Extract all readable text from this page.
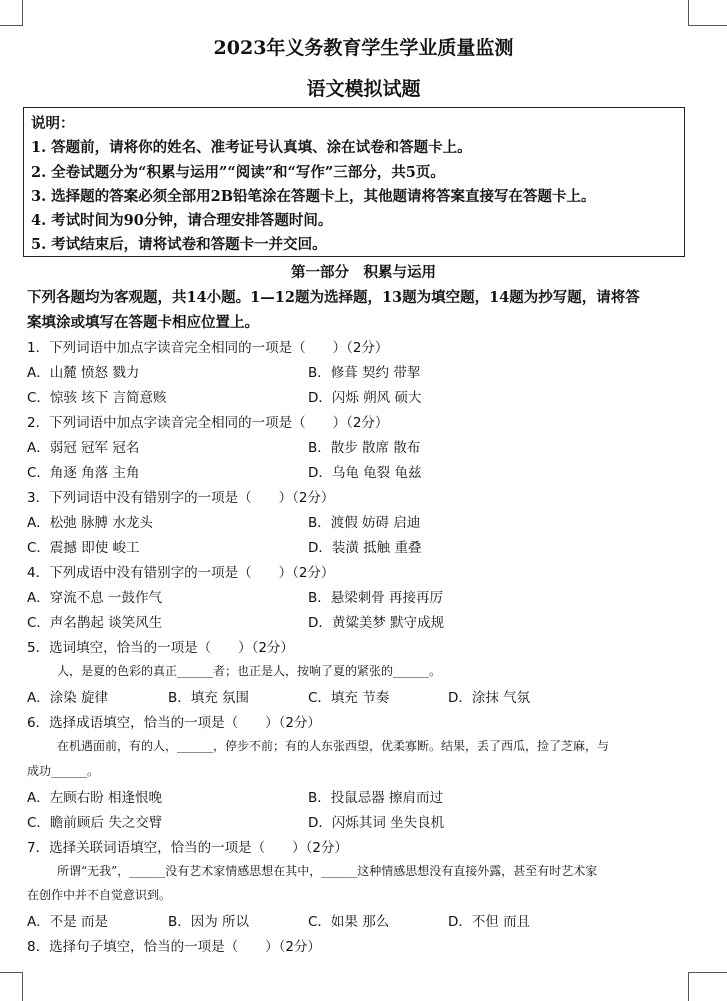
2023年义务教育学生学业质量监测
语文模拟试题
说明：
1. 答题前，请将你的姓名、准考证号认真填、涂在试卷和答题卡上。
2. 全卷试题分为“积累与运用”“阅读”和“写作”三部分，共5页。
3. 选择题的答案必须全部用2B铅笔涂在答题卡上，其他题请将答案直接写在答题卡上。
4. 考试时间为90分钟，请合理安排答题时间。
5. 考试结束后，请将试卷和答题卡一并交回。
第一部分　积累与运用
下列各题均为客观题，共14小题。1—12题为选择题，13题为填空题，14题为抄写题，请将答
案填涂或填写在答题卡相应位置上。
1．下列词语中加点字读音完全相同的一项是（　　）（2分）
A．山麓 愤怒 戮力	B．修葺 契约 带挈
C．惊骇 垓下 言简意赅	D．闪烁 朔风 硕大
2．下列词语中加点字读音完全相同的一项是（　　）（2分）
A．弱冠 冠军 冠名	B．散步 散席 散布
C．角逐 角落 主角	D．乌龟 龟裂 龟兹
3．下列词语中没有错别字的一项是（　　）（2分）
A．松弛 脉膊 水龙头	B．渡假 妨碍 启迪
C．震撼 即使 峻工	D．装潢 抵触 重叠
4．下列成语中没有错别字的一项是（　　）（2分）
A．穿流不息 一鼓作气	B．悬梁刺骨 再接再厉
C．声名鹊起 谈笑风生	D．黄粱美梦 默守成规
5．选词填空，恰当的一项是（　　）（2分）
人，是夏的色彩的真正______者；也正是人，按响了夏的紧张的______。
A．涂染 旋律	B．填充 氛围	C．填充 节奏	D．涂抹 气氛
6．选择成语填空，恰当的一项是（　　）（2分）
在机遇面前，有的人，______，停步不前；有的人东张西望，优柔寡断。结果，丢了西瓜，捡了芝麻，与
成功______。
A．左顾右盼 相逢恨晚	B．投鼠忌器 擦肩而过
C．瞻前顾后 失之交臂	D．闪烁其词 坐失良机
7．选择关联词语填空，恰当的一项是（　　）（2分）
所谓“无我”，______没有艺术家情感思想在其中，______这种情感思想没有直接外露，甚至有时艺术家
在创作中并不自觉意识到。
A．不是 而是	B．因为 所以	C．如果 那么	D．不但 而且
8．选择句子填空，恰当的一项是（　　）（2分）
